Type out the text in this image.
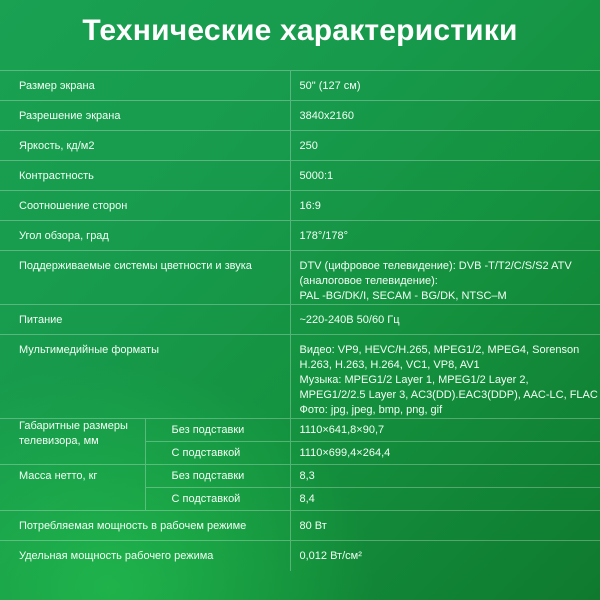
Технические характеристики
Размер экрана		50" (127 см)

Разрешение экрана		3840x2160

Яркость, кд/м2		250

Контрастность		5000:1

Соотношение сторон		16:9

Угол обзора, град		178°/178°

Поддерживаемые системы цветности и звука		DTV (цифровое телевидение): DVB -T/T2/C/S/S2 ATV
(аналоговое телевидение):
PAL -BG/DK/I, SECAM - BG/DK, NTSC–M

Питание		~220-240В 50/60 Гц

Мультимедийные форматы		Видео: VP9, HEVC/H.265, MPEG1/2, MPEG4, Sorenson
H.263, H.263, H.264, VC1, VP8, AV1
Музыка: MPEG1/2 Layer 1, MPEG1/2 Layer 2,
MPEG1/2/2.5 Layer 3, AC3(DD).EAC3(DDP), AAC-LC, FLAC
Фото: jpg, jpeg, bmp, png, gif

Габаритные размеры
телевизора, мм	Без подставки	1110×641,8×90,7

	С подставкой	1110×699,4×264,4

Масса нетто, кг	Без подставки	8,3

	С подставкой	8,4

Потребляемая мощность в рабочем режиме		80 Вт

Удельная мощность рабочего режима		0,012 Вт/см²
